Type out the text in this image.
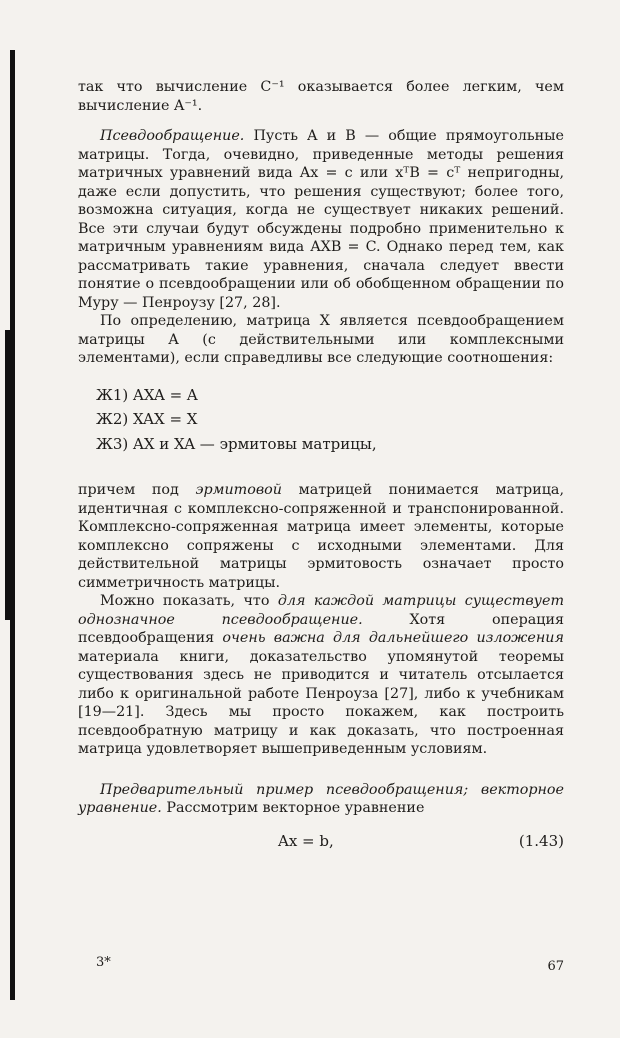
так что вычисление C⁻¹ оказывается более легким, чем вычисление A⁻¹.

Псевдообращение. Пусть A и B — общие прямоугольные матрицы. Тогда, очевидно, приведенные методы решения матричных уравнений вида Ax = c или xᵀB = cᵀ непригодны, даже если допустить, что решения существуют; более того, возможна ситуация, когда не существует никаких решений. Все эти случаи будут обсуждены подробно применительно к матричным уравнениям вида AXB = C. Однако перед тем, как рассматривать такие уравнения, сначала следует ввести понятие о псевдообращении или об обобщенном обращении по Муру — Пенроузу [27, 28].

По определению, матрица X является псевдообращением матрицы A (с действительными или комплексными элементами), если справедливы все следующие соотношения:

Ж1) AXA = A
Ж2) XAX = X
Ж3) AX и XA — эрмитовы матрицы,

причем под эрмитовой матрицей понимается матрица, идентичная с комплексно-сопряженной и транспонированной. Комплексно-сопряженная матрица имеет элементы, которые комплексно сопряжены с исходными элементами. Для действительной матрицы эрмитовость означает просто симметричность матрицы.

Можно показать, что для каждой матрицы существует однозначное псевдообращение. Хотя операция псевдообращения очень важна для дальнейшего изложения материала книги, доказательство упомянутой теоремы существования здесь не приводится и читатель отсылается либо к оригинальной работе Пенроуза [27], либо к учебникам [19—21]. Здесь мы просто покажем, как построить псевдообратную матрицу и как доказать, что построенная матрица удовлетворяет вышеприведенным условиям.

Предварительный пример псевдообращения; векторное уравнение. Рассмотрим векторное уравнение

Ax = b,	(1.43)
3*	67
